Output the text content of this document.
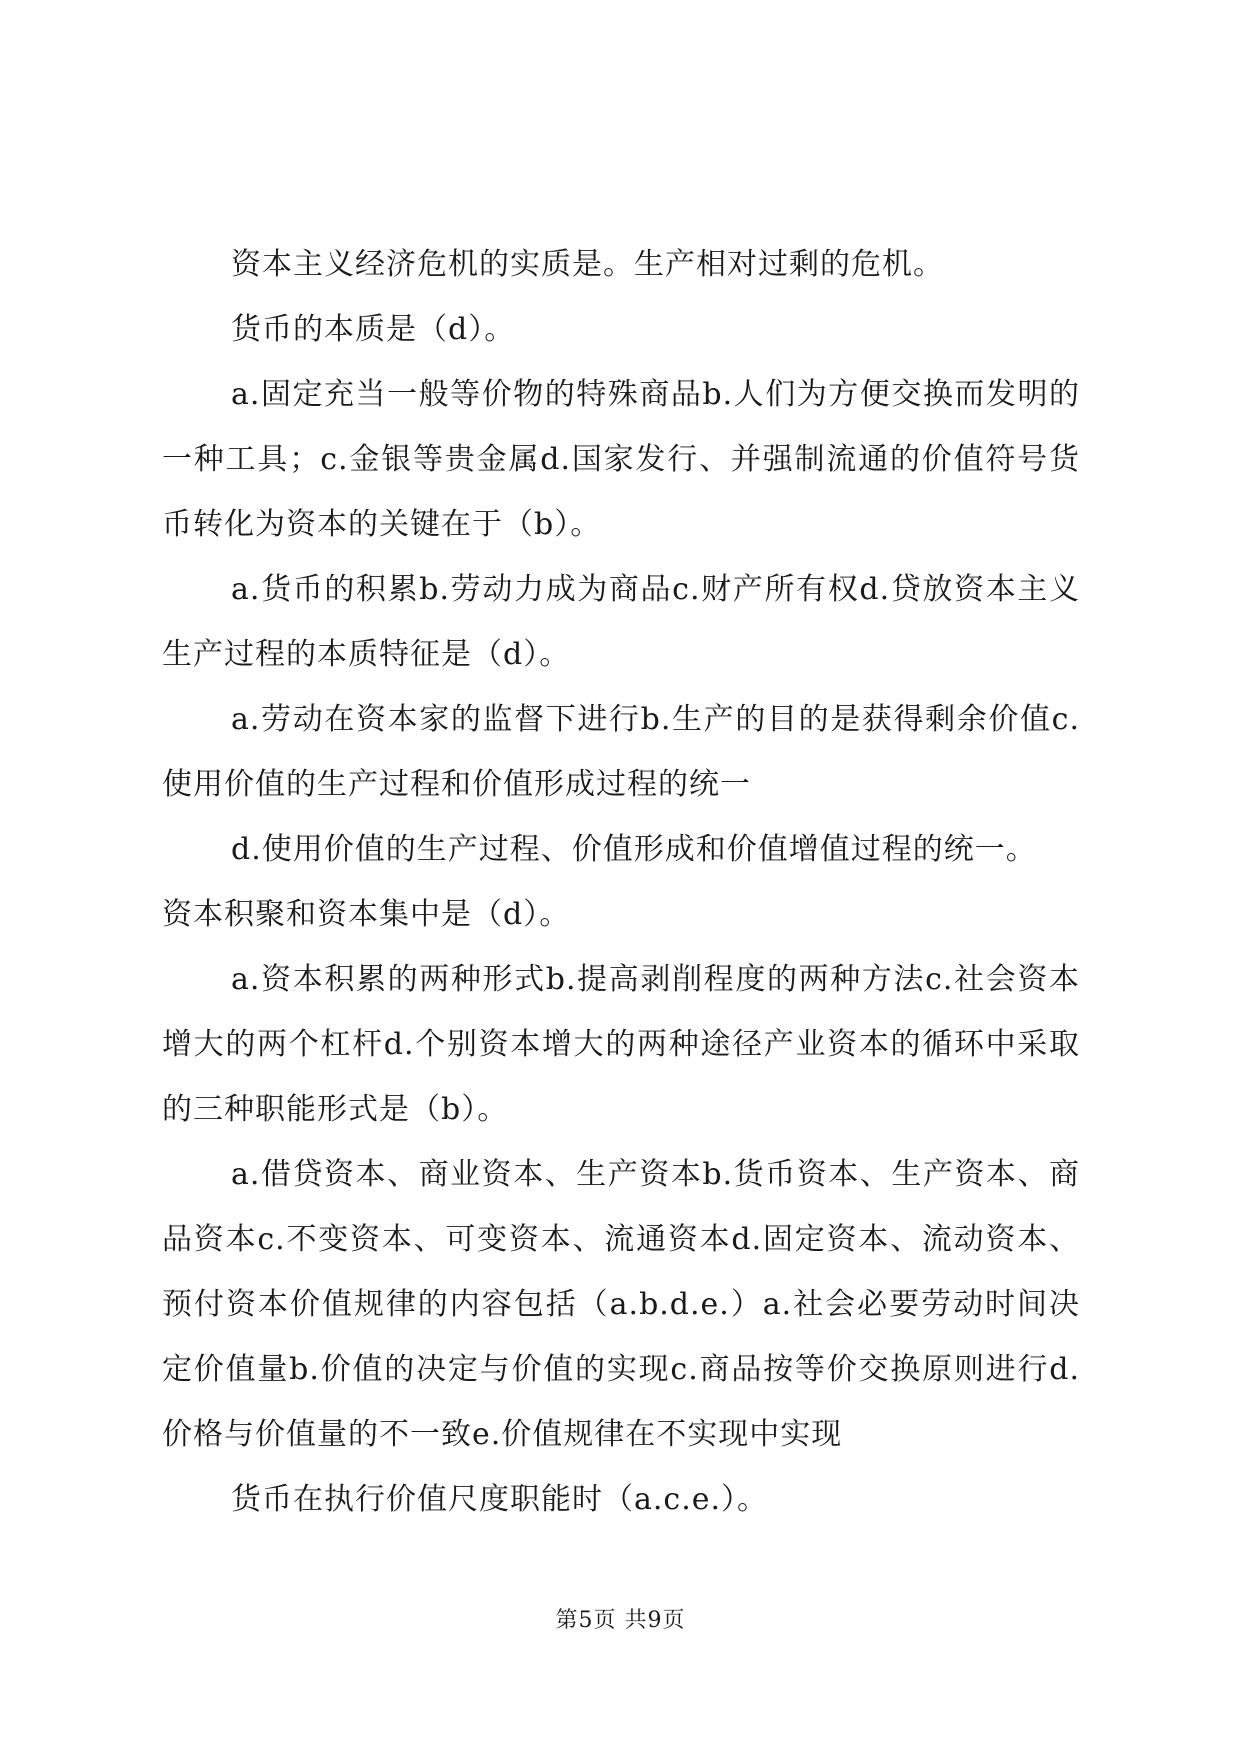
资本主义经济危机的实质是。生产相对过剩的危机。

货币的本质是（d）。

a.固定充当一般等价物的特殊商品b.人们为方便交换而发明的一种工具；c.金银等贵金属d.国家发行、并强制流通的价值符号货币转化为资本的关键在于（b）。

a.货币的积累b.劳动力成为商品c.财产所有权d.贷放资本主义生产过程的本质特征是（d）。

a.劳动在资本家的监督下进行b.生产的目的是获得剩余价值c.使用价值的生产过程和价值形成过程的统一

d.使用价值的生产过程、价值形成和价值增值过程的统一。

资本积聚和资本集中是（d）。

a.资本积累的两种形式b.提高剥削程度的两种方法c.社会资本增大的两个杠杆d.个别资本增大的两种途径产业资本的循环中采取的三种职能形式是（b）。

a.借贷资本、商业资本、生产资本b.货币资本、生产资本、商品资本c.不变资本、可变资本、流通资本d.固定资本、流动资本、预付资本价值规律的内容包括（a.b.d.e.）a.社会必要劳动时间决定价值量b.价值的决定与价值的实现c.商品按等价交换原则进行d.价格与价值量的不一致e.价值规律在不实现中实现

货币在执行价值尺度职能时（a.c.e.）。

第5页 共9页
